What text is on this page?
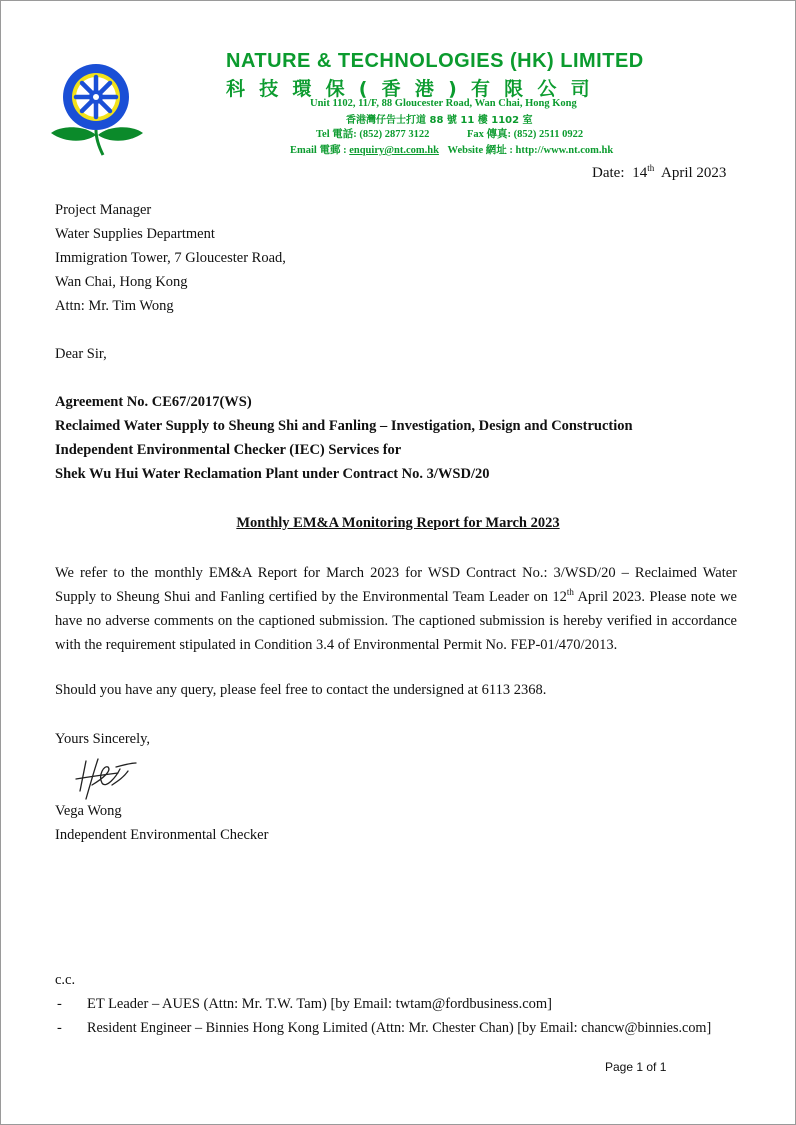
NATURE & TECHNOLOGIES (HK) LIMITED
科技環保(香港)有限公司
Unit 1102, 11/F, 88 Gloucester Road, Wan Chai, Hong Kong
香港灣仔告士打道 88 號 11 樓 1102 室
Tel 電話: (852) 2877 3122	Fax 傳真: (852) 2511 0922
Email 電郵 : enquiry@nt.com.hk Website 網址 : http://www.nt.com.hk
Date: 14th April 2023
Project Manager
Water Supplies Department
Immigration Tower, 7 Gloucester Road,
Wan Chai, Hong Kong
Attn: Mr. Tim Wong
Dear Sir,
Agreement No. CE67/2017(WS)
Reclaimed Water Supply to Sheung Shi and Fanling – Investigation, Design and Construction
Independent Environmental Checker (IEC) Services for
Shek Wu Hui Water Reclamation Plant under Contract No. 3/WSD/20
Monthly EM&A Monitoring Report for March 2023
We refer to the monthly EM&A Report for March 2023 for WSD Contract No.: 3/WSD/20 – Reclaimed Water Supply to Sheung Shui and Fanling certified by the Environmental Team Leader on 12th April 2023. Please note we have no adverse comments on the captioned submission. The captioned submission is hereby verified in accordance with the requirement stipulated in Condition 3.4 of Environmental Permit No. FEP-01/470/2013.
Should you have any query, please feel free to contact the undersigned at 6113 2368.
Yours Sincerely,
Vega Wong
Independent Environmental Checker
c.c.
- ET Leader – AUES (Attn: Mr. T.W. Tam) [by Email: twtam@fordbusiness.com]
- Resident Engineer – Binnies Hong Kong Limited (Attn: Mr. Chester Chan) [by Email: chancw@binnies.com]
Page 1 of 1
